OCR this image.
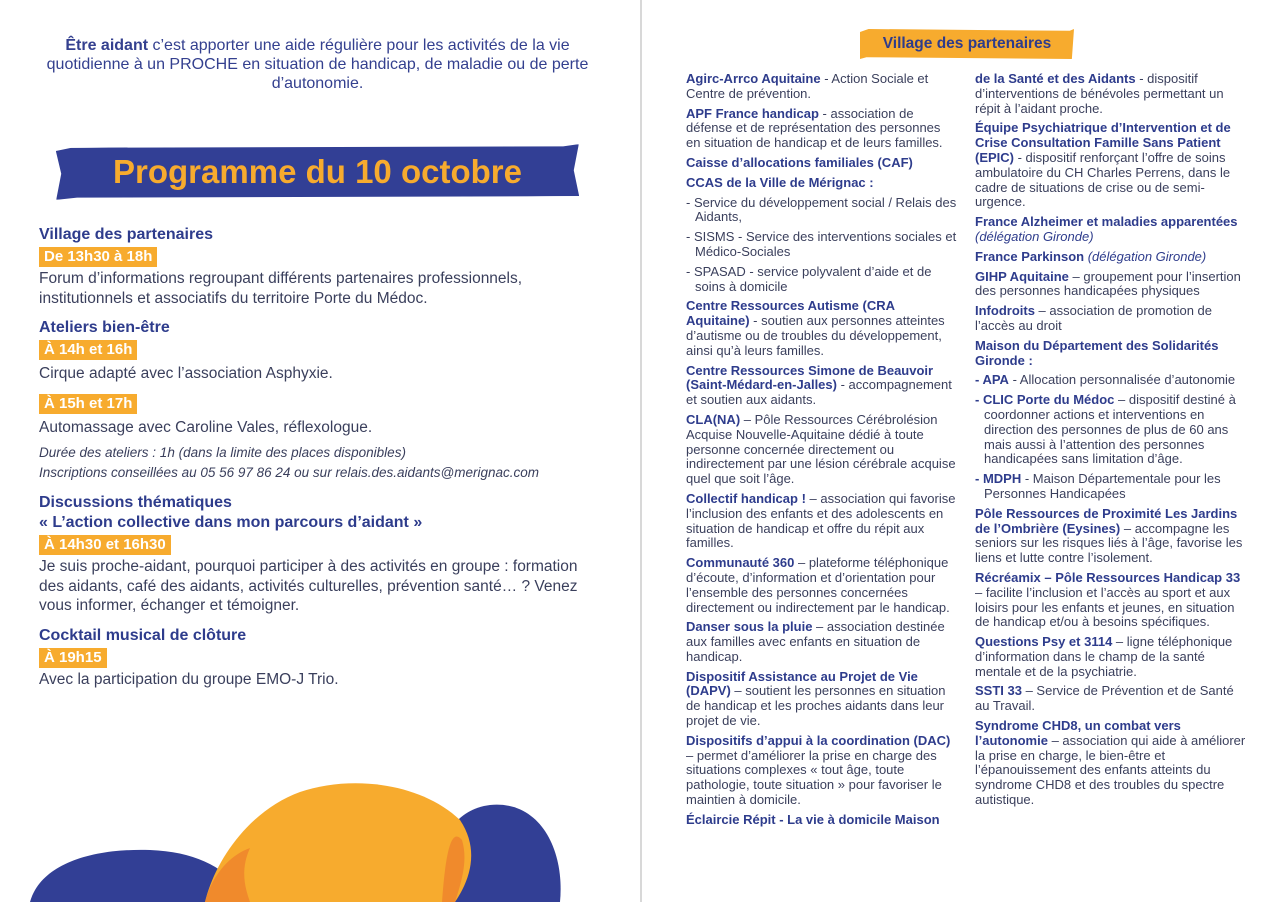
Être aidant c’est apporter une aide régulière pour les activités de la vie quotidienne à un PROCHE en situation de handicap, de maladie ou de perte d’autonomie.
Programme du 10 octobre
Village des partenaires
De 13h30 à 18h
Forum d’informations regroupant différents partenaires professionnels, institutionnels et associatifs du territoire Porte du Médoc.
Ateliers bien-être
À 14h et 16h
Cirque adapté avec l’association Asphyxie.
À 15h et 17h
Automassage avec Caroline Vales, réflexologue.
Durée des ateliers : 1h (dans la limite des places disponibles)
Inscriptions conseillées au 05 56 97 86 24 ou sur relais.des.aidants@merignac.com
Discussions thématiques
« L’action collective dans mon parcours d’aidant »
À 14h30 et 16h30
Je suis proche-aidant, pourquoi participer à des activités en groupe : formation des aidants, café des aidants, activités culturelles, prévention santé… ? Venez vous informer, échanger et témoigner.
Cocktail musical de clôture
À 19h15
Avec la participation du groupe EMO-J Trio.
Village des partenaires
Agirc-Arrco Aquitaine - Action Sociale et Centre de prévention.
APF France handicap - association de défense et de représentation des personnes en situation de handicap et de leurs familles.
Caisse d’allocations familiales (CAF)
CCAS de la Ville de Mérignac :
- Service du développement social / Relais des Aidants,
- SISMS - Service des interventions sociales et Médico-Sociales
- SPASAD - service polyvalent d’aide et de soins à domicile
Centre Ressources Autisme (CRA Aquitaine) - soutien aux personnes atteintes d’autisme ou de troubles du développement, ainsi qu’à leurs familles.
Centre Ressources Simone de Beauvoir (Saint-Médard-en-Jalles) - accompagnement et soutien aux aidants.
CLA(NA) – Pôle Ressources Cérébrolésion Acquise Nouvelle-Aquitaine dédié à toute personne concernée directement ou indirectement par une lésion cérébrale acquise quel que soit l’âge.
Collectif handicap ! – association qui favorise l’inclusion des enfants et des adolescents en situation de handicap et offre du répit aux familles.
Communauté 360 – plateforme téléphonique d’écoute, d’information et d’orientation pour l’ensemble des personnes concernées directement ou indirectement par le handicap.
Danser sous la pluie – association destinée aux familles avec enfants en situation de handicap.
Dispositif Assistance au Projet de Vie (DAPV) – soutient les personnes en situation de handicap et les proches aidants dans leur projet de vie.
Dispositifs d’appui à la coordination (DAC) – permet d’améliorer la prise en charge des situations complexes « tout âge, toute pathologie, toute situation » pour favoriser le maintien à domicile.
Éclaircie Répit - La vie à domicile Maison
de la Santé et des Aidants - dispositif d’interventions de bénévoles permettant un répit à l’aidant proche.
Équipe Psychiatrique d’Intervention et de Crise Consultation Famille Sans Patient (EPIC) - dispositif renforçant l’offre de soins ambulatoire du CH Charles Perrens, dans le cadre de situations de crise ou de semi-urgence.
France Alzheimer et maladies apparentées (délégation Gironde)
France Parkinson (délégation Gironde)
GIHP Aquitaine – groupement pour l’insertion des personnes handicapées physiques
Infodroits – association de promotion de l’accès au droit
Maison du Département des Solidarités Gironde :
- APA - Allocation personnalisée d’autonomie
- CLIC Porte du Médoc – dispositif destiné à coordonner actions et interventions en direction des personnes de plus de 60 ans mais aussi à l’attention des personnes handicapées sans limitation d’âge.
- MDPH - Maison Départementale pour les Personnes Handicapées
Pôle Ressources de Proximité Les Jardins de l’Ombrière (Eysines) – accompagne les seniors sur les risques liés à l’âge, favorise les liens et lutte contre l’isolement.
Récréamix – Pôle Ressources Handicap 33 – facilite l’inclusion et l’accès au sport et aux loisirs pour les enfants et jeunes, en situation de handicap et/ou à besoins spécifiques.
Questions Psy et 3114 – ligne téléphonique d’information dans le champ de la santé mentale et de la psychiatrie.
SSTI 33 – Service de Prévention et de Santé au Travail.
Syndrome CHD8, un combat vers l’autonomie – association qui aide à améliorer la prise en charge, le bien-être et l’épanouissement des enfants atteints du syndrome CHD8 et des troubles du spectre autistique.
